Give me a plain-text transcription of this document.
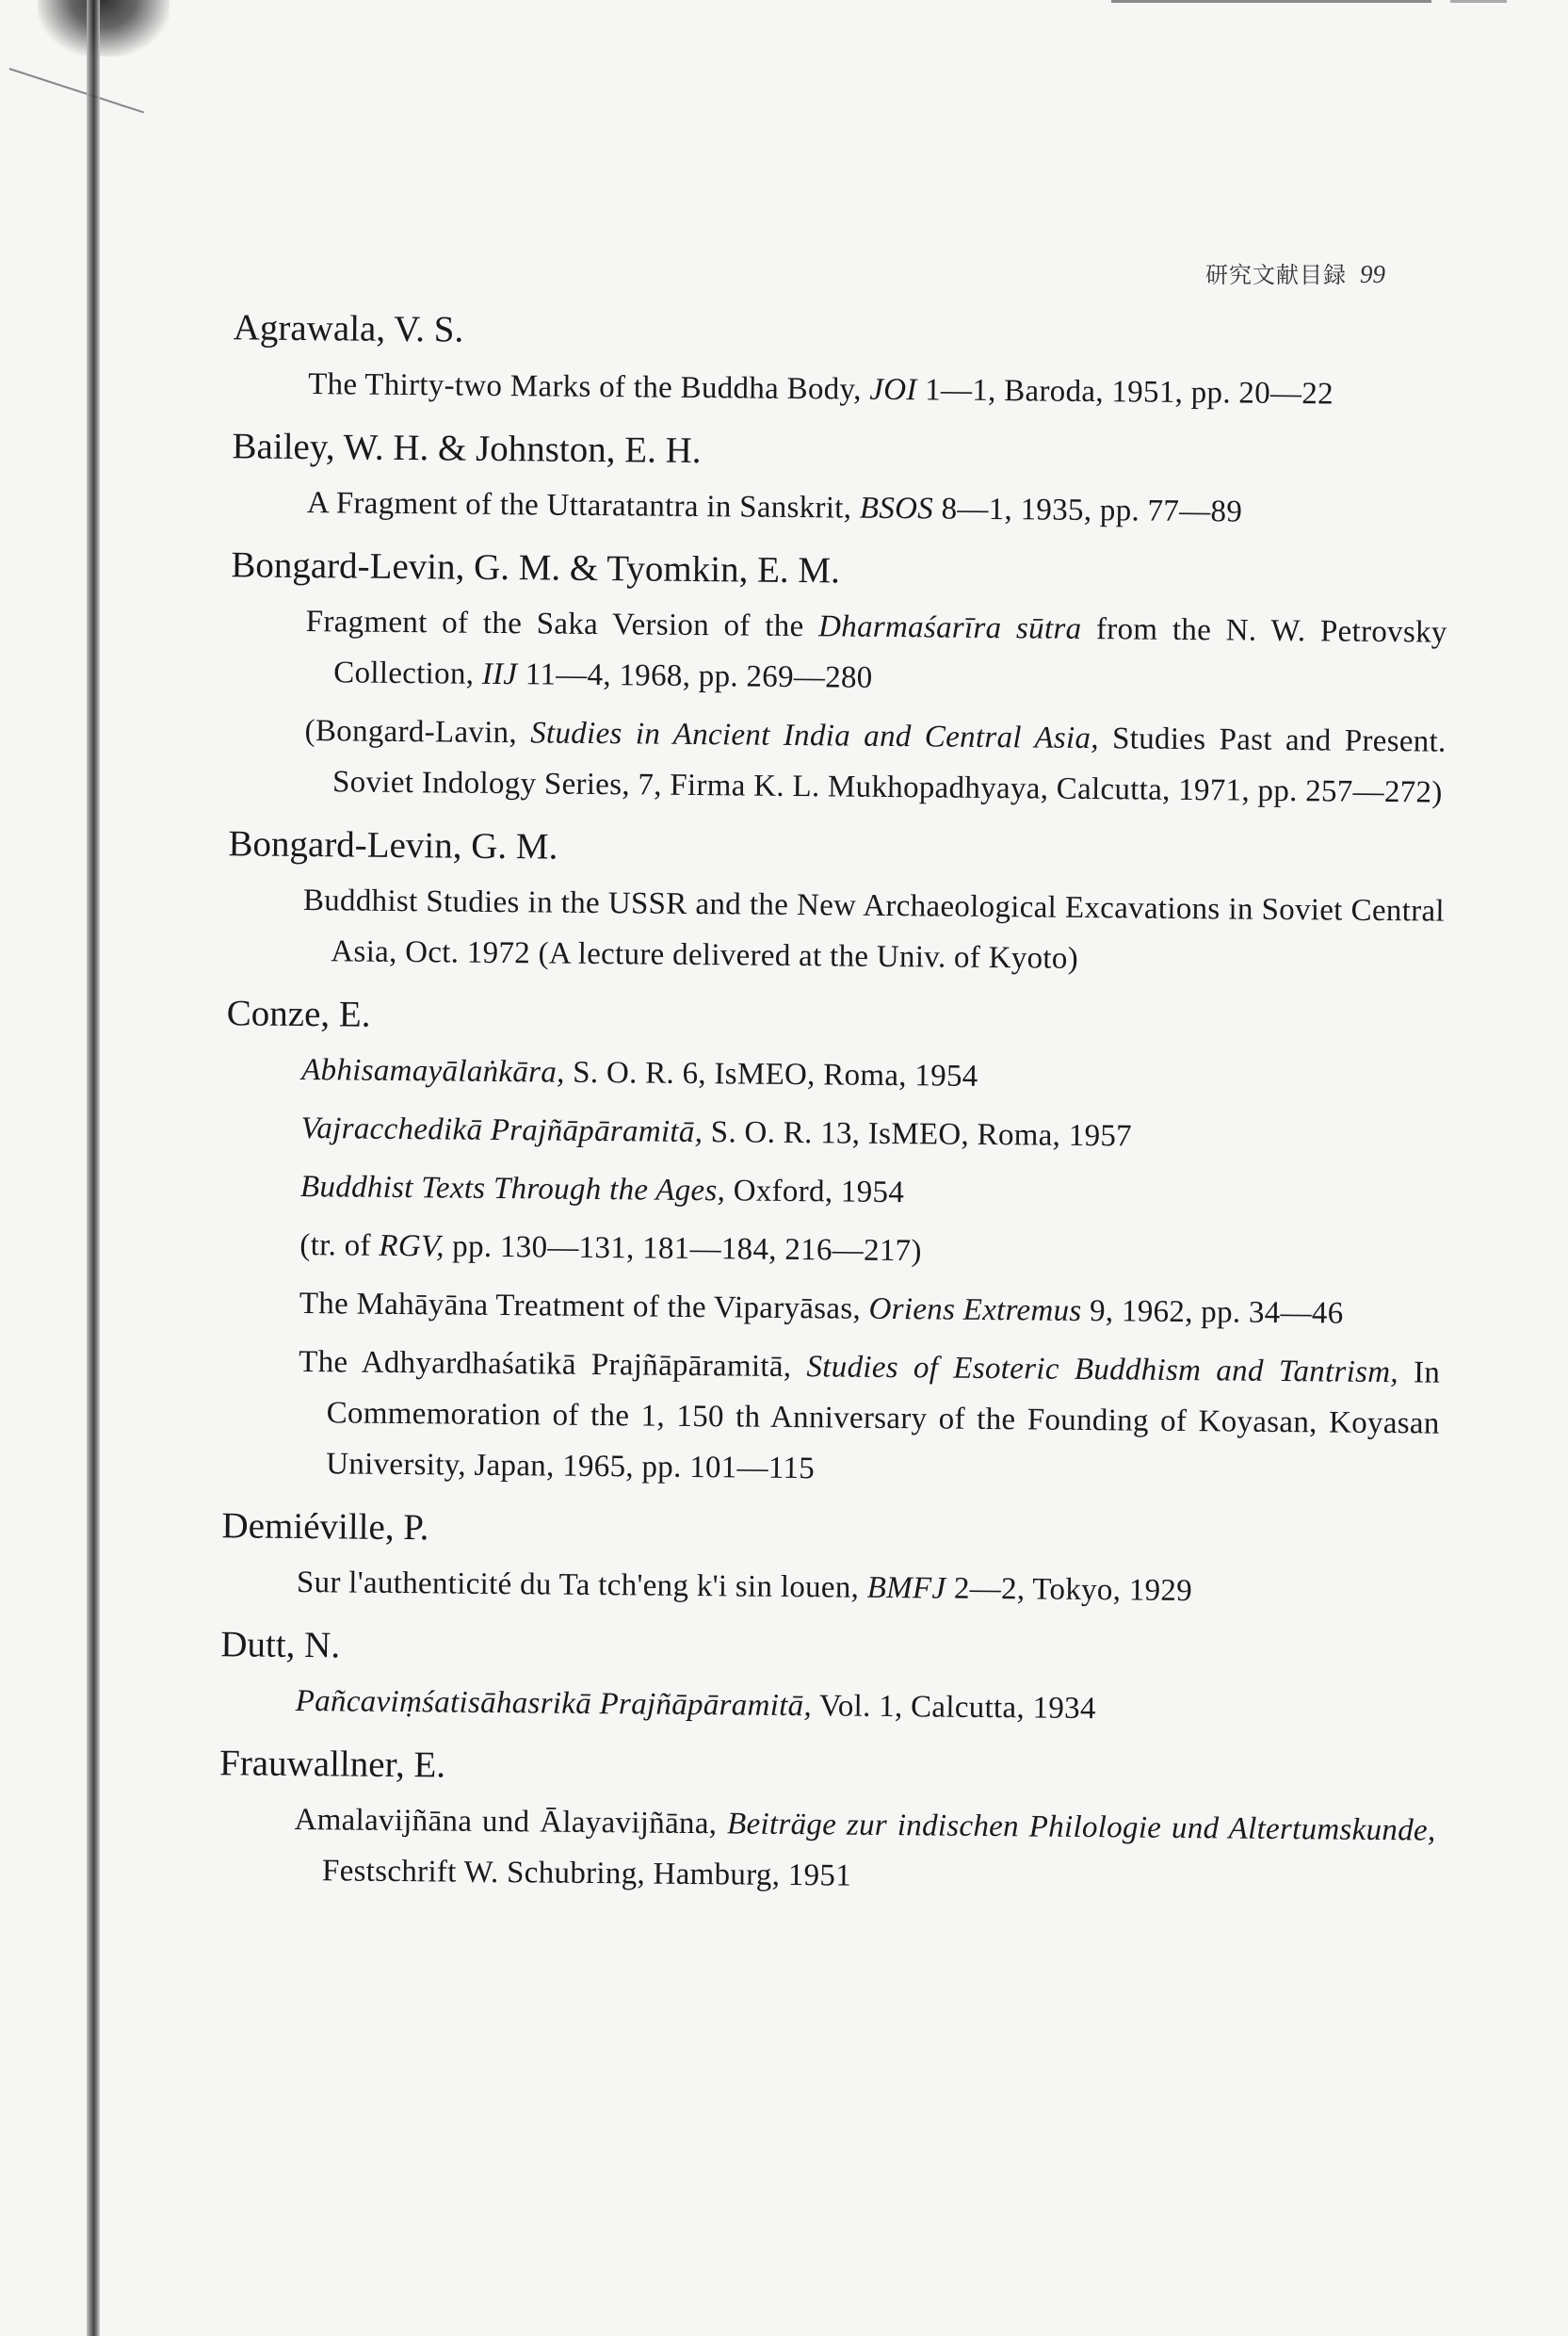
研究文献目録 99

Agrawala, V. S.

The Thirty-two Marks of the Buddha Body, JOI 1—1, Baroda, 1951, pp. 20—22

Bailey, W. H. & Johnston, E. H.

A Fragment of the Uttaratantra in Sanskrit, BSOS 8—1, 1935, pp. 77—89

Bongard-Levin, G. M. & Tyomkin, E. M.

Fragment of the Saka Version of the Dharmaśarīra sūtra from the N. W. Petrovsky Collection, IIJ 11—4, 1968, pp. 269—280

(Bongard-Lavin, Studies in Ancient India and Central Asia, Studies Past and Present. Soviet Indology Series, 7, Firma K. L. Mukhopadhyaya, Calcutta, 1971, pp. 257—272)

Bongard-Levin, G. M.

Buddhist Studies in the USSR and the New Archaeological Excavations in Soviet Central Asia, Oct. 1972 (A lecture delivered at the Univ. of Kyoto)

Conze, E.

Abhisamayālaṅkāra, S. O. R. 6, IsMEO, Roma, 1954

Vajracchedikā Prajñāpāramitā, S. O. R. 13, IsMEO, Roma, 1957

Buddhist Texts Through the Ages, Oxford, 1954

(tr. of RGV, pp. 130—131, 181—184, 216—217)

The Mahāyāna Treatment of the Viparyāsas, Oriens Extremus 9, 1962, pp. 34—46

The Adhyardhaśatikā Prajñāpāramitā, Studies of Esoteric Buddhism and Tantrism, In Commemoration of the 1, 150 th Anniversary of the Founding of Koyasan, Koyasan University, Japan, 1965, pp. 101—115

Demiéville, P.

Sur l'authenticité du Ta tch'eng k'i sin louen, BMFJ 2—2, Tokyo, 1929

Dutt, N.

Pañcaviṃśatisāhasrikā Prajñāpāramitā, Vol. 1, Calcutta, 1934

Frauwallner, E.

Amalavijñāna und Ālayavijñāna, Beiträge zur indischen Philologie und Altertumskunde, Festschrift W. Schubring, Hamburg, 1951
